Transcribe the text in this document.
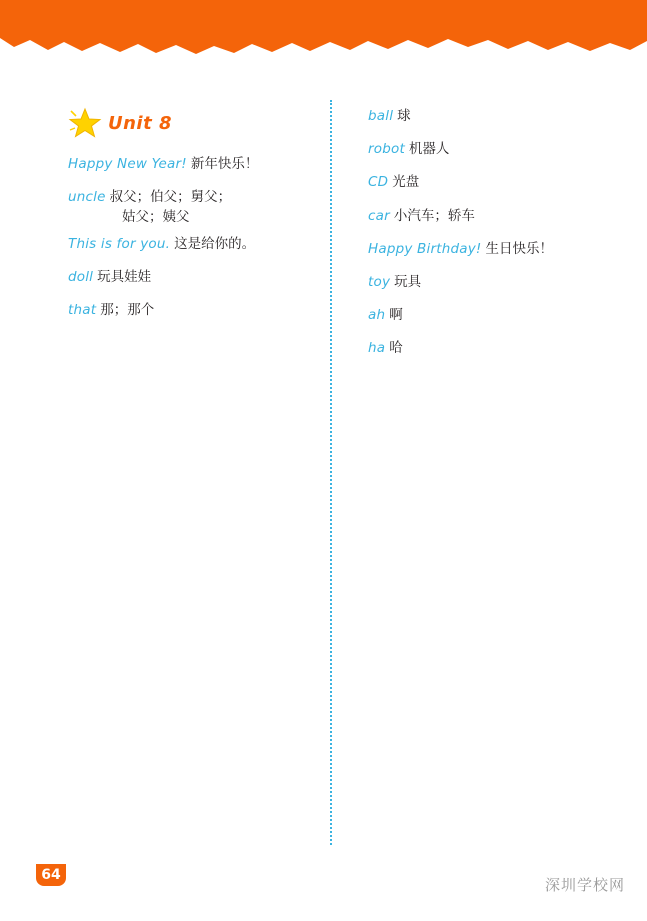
Unit 8
Happy New Year! 新年快乐！
uncle 叔父；伯父；舅父；
姑父；姨父
This is for you. 这是给你的。
doll 玩具娃娃
that 那；那个
ball 球
robot 机器人
CD 光盘
car 小汽车；轿车
Happy Birthday! 生日快乐！
toy 玩具
ah 啊
ha 哈
64
深圳学校网
